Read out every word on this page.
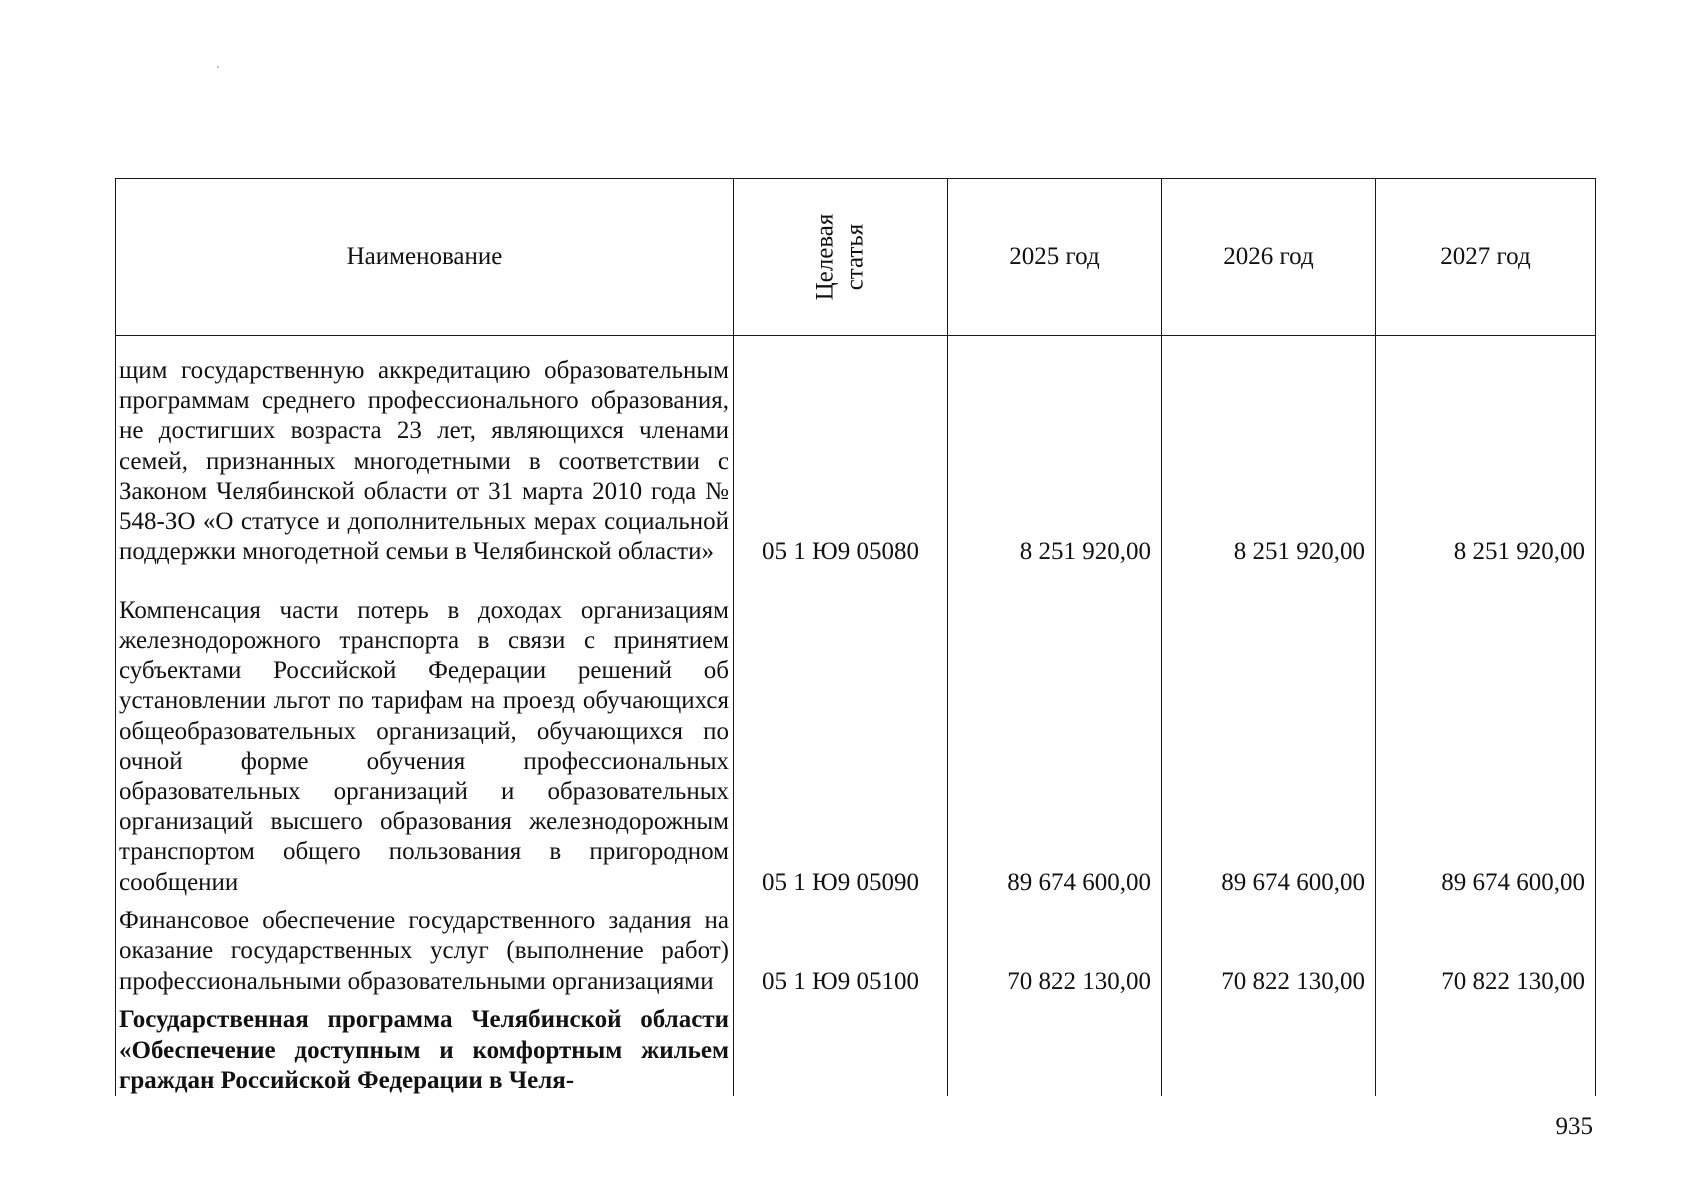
Наименование	Целевая статья	2025 год	2026 год	2027 год
щим государственную аккредитацию образовательным программам среднего профессионального образования, не достигших возраста 23 лет, являющихся членами семей, признанных многодетными в соответствии с Законом Челябинской области от 31 марта 2010 года № 548-ЗО «О статусе и дополнительных мерах социальной поддержки многодетной семьи в Челябинской области»	05 1 Ю9 05080	8 251 920,00	8 251 920,00	8 251 920,00
Компенсация части потерь в доходах организациям железнодорожного транспорта в связи с принятием субъектами Российской Федерации решений об установлении льгот по тарифам на проезд обучающихся общеобразовательных организаций, обучающихся по очной форме обучения профессиональных образовательных организаций и образовательных организаций высшего образования железнодорожным транспортом общего пользования в пригородном сообщении	05 1 Ю9 05090	89 674 600,00	89 674 600,00	89 674 600,00
Финансовое обеспечение государственного задания на оказание государственных услуг (выполнение работ) профессиональными образовательными организациями	05 1 Ю9 05100	70 822 130,00	70 822 130,00	70 822 130,00
Государственная программа Челябинской области «Обеспечение доступным и комфортным жильем граждан Российской Федерации в Челя-				
935
